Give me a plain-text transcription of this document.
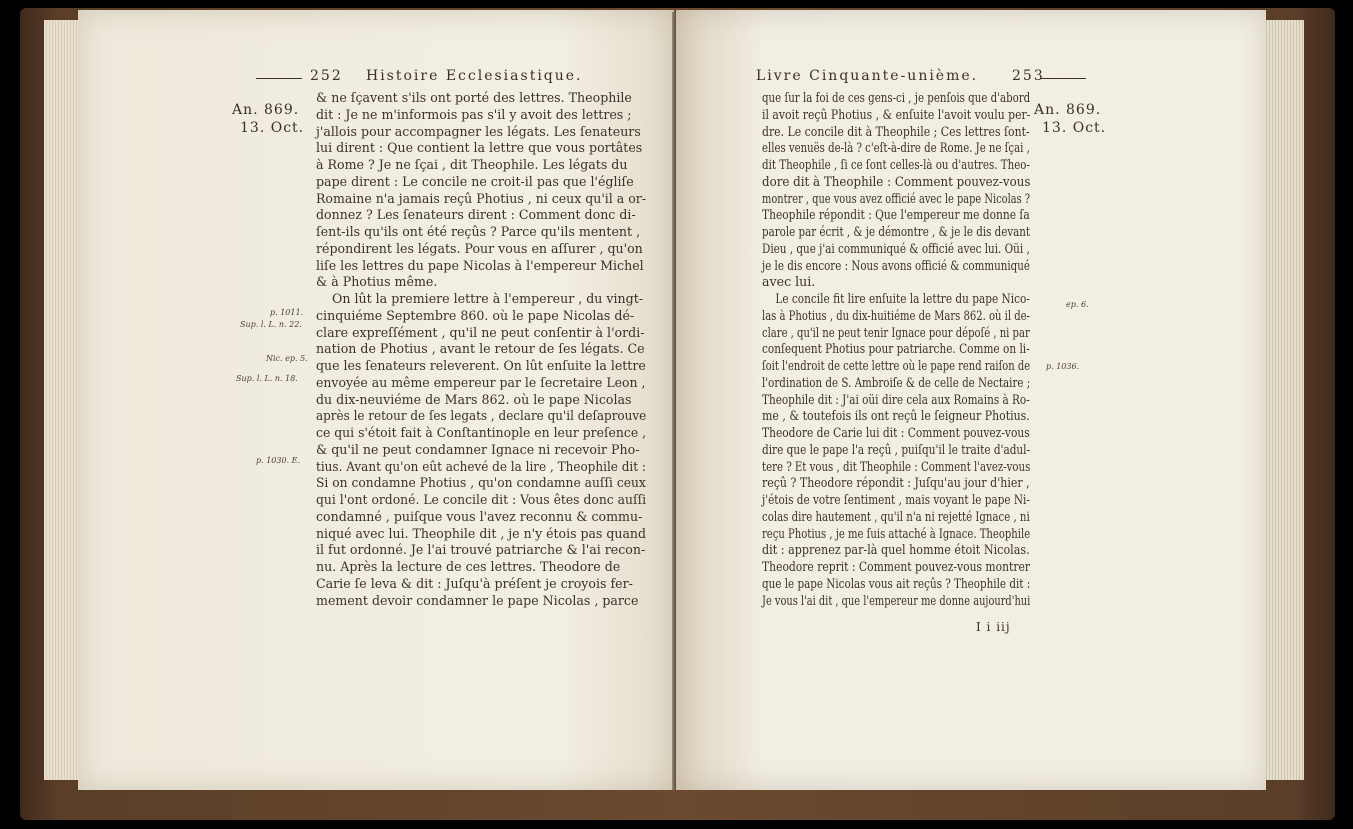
252 Histoire Ecclesiastique.
An. 869.
13. Oct.
p. 1011.
Sup. l. L. n. 22.
Nic. ep. 5.
Sup. l. L. n. 18.
p. 1030. E.
& ne ſçavent s'ils ont porté des lettres. Theophile
dit : Je ne m'informois pas s'il y avoit des lettres ;
j'allois pour accompagner les légats. Les ſenateurs
lui dirent : Que contient la lettre que vous portâtes
à Rome ? Je ne ſçai , dit Theophile. Les légats du
pape dirent : Le concile ne croit-il pas que l'égliſe
Romaine n'a jamais reçû Photius , ni ceux qu'il a or-
donnez ? Les ſenateurs dirent : Comment donc di-
ſent-ils qu'ils ont été reçûs ? Parce qu'ils mentent ,
répondirent les légats. Pour vous en aſſurer , qu'on
liſe les lettres du pape Nicolas à l'empereur Michel
& à Photius même.
On lût la premiere lettre à l'empereur , du vingt-
cinquiéme Septembre 860. où le pape Nicolas dé-
clare expreſſément , qu'il ne peut conſentir à l'ordi-
nation de Photius , avant le retour de ſes légats. Ce
que les ſenateurs releverent. On lût enſuite la lettre
envoyée au même empereur par le ſecretaire Leon ,
du dix-neuviéme de Mars 862. où le pape Nicolas
après le retour de ſes legats , declare qu'il deſaprouve
ce qui s'étoit fait à Conſtantinople en leur preſence ,
& qu'il ne peut condamner Ignace ni recevoir Pho-
tius. Avant qu'on eût achevé de la lire , Theophile dit :
Si on condamne Photius , qu'on condamne auſſi ceux
qui l'ont ordoné. Le concile dit : Vous êtes donc auſſi
condamné , puiſque vous l'avez reconnu & commu-
niqué avec lui. Theophile dit , je n'y étois pas quand
il fut ordonné. Je l'ai trouvé patriarche & l'ai recon-
nu. Après la lecture de ces lettres. Theodore de
Carie ſe leva & dit : Juſqu'à préſent je croyois fer-
mement devoir condamner le pape Nicolas , parce
Livre Cinquante-unième. 253
An. 869.
13. Oct.
ep. 6.
p. 1036.
que ſur la foi de ces gens-ci , je penſois que d'abord
il avoit reçû Photius , & enſuite l'avoit voulu per-
dre. Le concile dit à Theophile ; Ces lettres ſont-
elles venuës de-là ? c'eſt-à-dire de Rome. Je ne ſçai ,
dit Theophile , ſi ce ſont celles-là ou d'autres. Theo-
dore dit à Theophile : Comment pouvez-vous
montrer , que vous avez officié avec le pape Nicolas ?
Theophile répondit : Que l'empereur me donne ſa
parole par écrit , & je démontre , & je le dis devant
Dieu , que j'ai communiqué & officié avec lui. Oüi ,
je le dis encore : Nous avons officié & communiqué
avec lui.
Le concile fit lire enſuite la lettre du pape Nico-
las à Photius , du dix-huitiéme de Mars 862. où il de-
clare , qu'il ne peut tenir Ignace pour dépoſé , ni par
conſequent Photius pour patriarche. Comme on li-
ſoit l'endroit de cette lettre où le pape rend raiſon de
l'ordination de S. Ambroiſe & de celle de Nectaire ;
Theophile dit : J'ai oüi dire cela aux Romains à Ro-
me , & toutefois ils ont reçû le ſeigneur Photius.
Theodore de Carie lui dit : Comment pouvez-vous
dire que le pape l'a reçû , puiſqu'il le traite d'adul-
tere ? Et vous , dit Theophile : Comment l'avez-vous
reçû ? Theodore répondit : Juſqu'au jour d'hier ,
j'étois de votre ſentiment , mais voyant le pape Ni-
colas dire hautement , qu'il n'a ni rejetté Ignace , ni
reçu Photius , je me ſuis attaché à Ignace. Theophile
dit : apprenez par-là quel homme étoit Nicolas.
Theodore reprit : Comment pouvez-vous montrer
que le pape Nicolas vous ait reçûs ? Theophile dit :
Je vous l'ai dit , que l'empereur me donne aujourd'hui
I i iij
